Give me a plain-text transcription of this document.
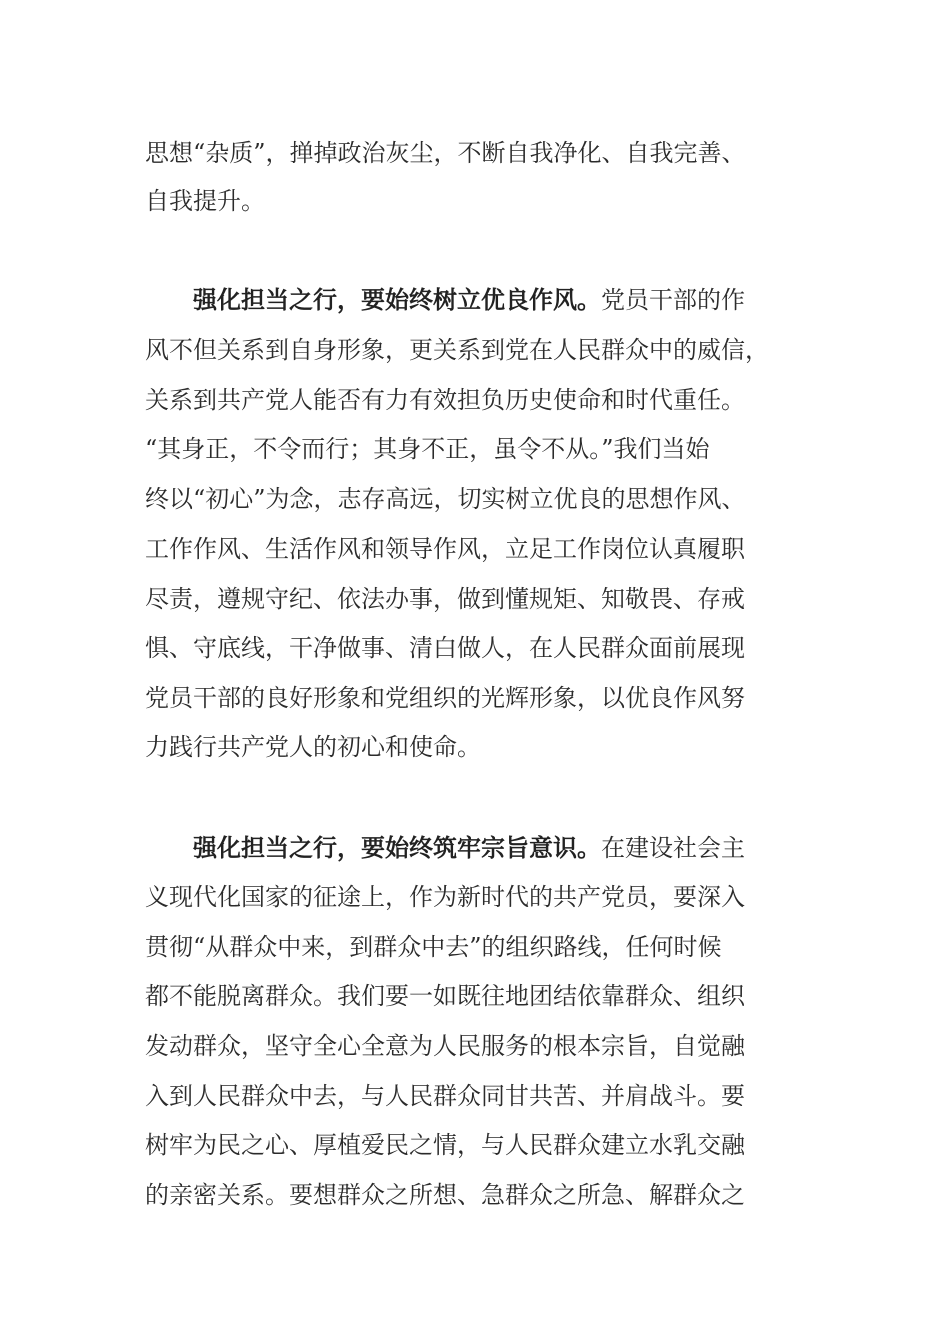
思想“杂质”，掸掉政治灰尘，不断自我净化、自我完善、
自我提升。
强化担当之行，要始终树立优良作风。党员干部的作
风不但关系到自身形象，更关系到党在人民群众中的威信，
关系到共产党人能否有力有效担负历史使命和时代重任。
“其身正，不令而行；其身不正，虽令不从。”我们当始
终以“初心”为念，志存高远，切实树立优良的思想作风、
工作作风、生活作风和领导作风，立足工作岗位认真履职
尽责，遵规守纪、依法办事，做到懂规矩、知敬畏、存戒
惧、守底线，干净做事、清白做人，在人民群众面前展现
党员干部的良好形象和党组织的光辉形象，以优良作风努
力践行共产党人的初心和使命。
强化担当之行，要始终筑牢宗旨意识。在建设社会主
义现代化国家的征途上，作为新时代的共产党员，要深入
贯彻“从群众中来，到群众中去”的组织路线，任何时候
都不能脱离群众。我们要一如既往地团结依靠群众、组织
发动群众，坚守全心全意为人民服务的根本宗旨，自觉融
入到人民群众中去，与人民群众同甘共苦、并肩战斗。要
树牢为民之心、厚植爱民之情，与人民群众建立水乳交融
的亲密关系。要想群众之所想、急群众之所急、解群众之
